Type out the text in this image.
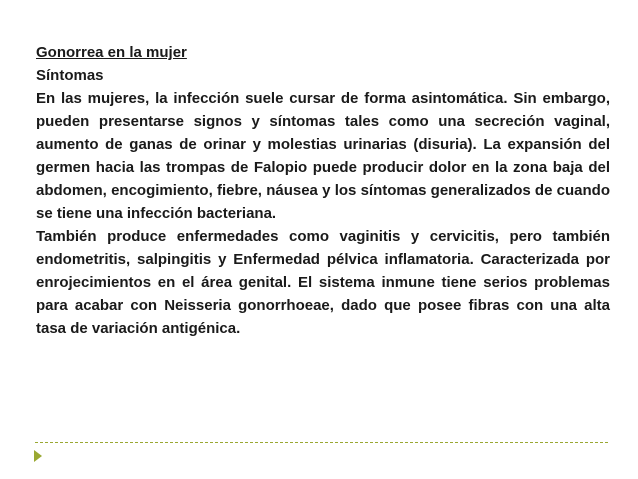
Gonorrea en la mujer

Síntomas

En las mujeres, la infección suele cursar de forma asintomática. Sin embargo, pueden presentarse signos y síntomas tales como una secreción vaginal, aumento de ganas de orinar y molestias urinarias (disuria). La expansión del germen hacia las trompas de Falopio puede producir dolor en la zona baja del abdomen, encogimiento, fiebre, náusea y los síntomas generalizados de cuando se tiene una infección bacteriana.

También produce enfermedades como vaginitis y cervicitis, pero también endometritis, salpingitis y Enfermedad pélvica inflamatoria. Caracterizada por enrojecimientos en el área genital. El sistema inmune tiene serios problemas para acabar con Neisseria gonorrhoeae, dado que posee fibras con una alta tasa de variación antigénica.
